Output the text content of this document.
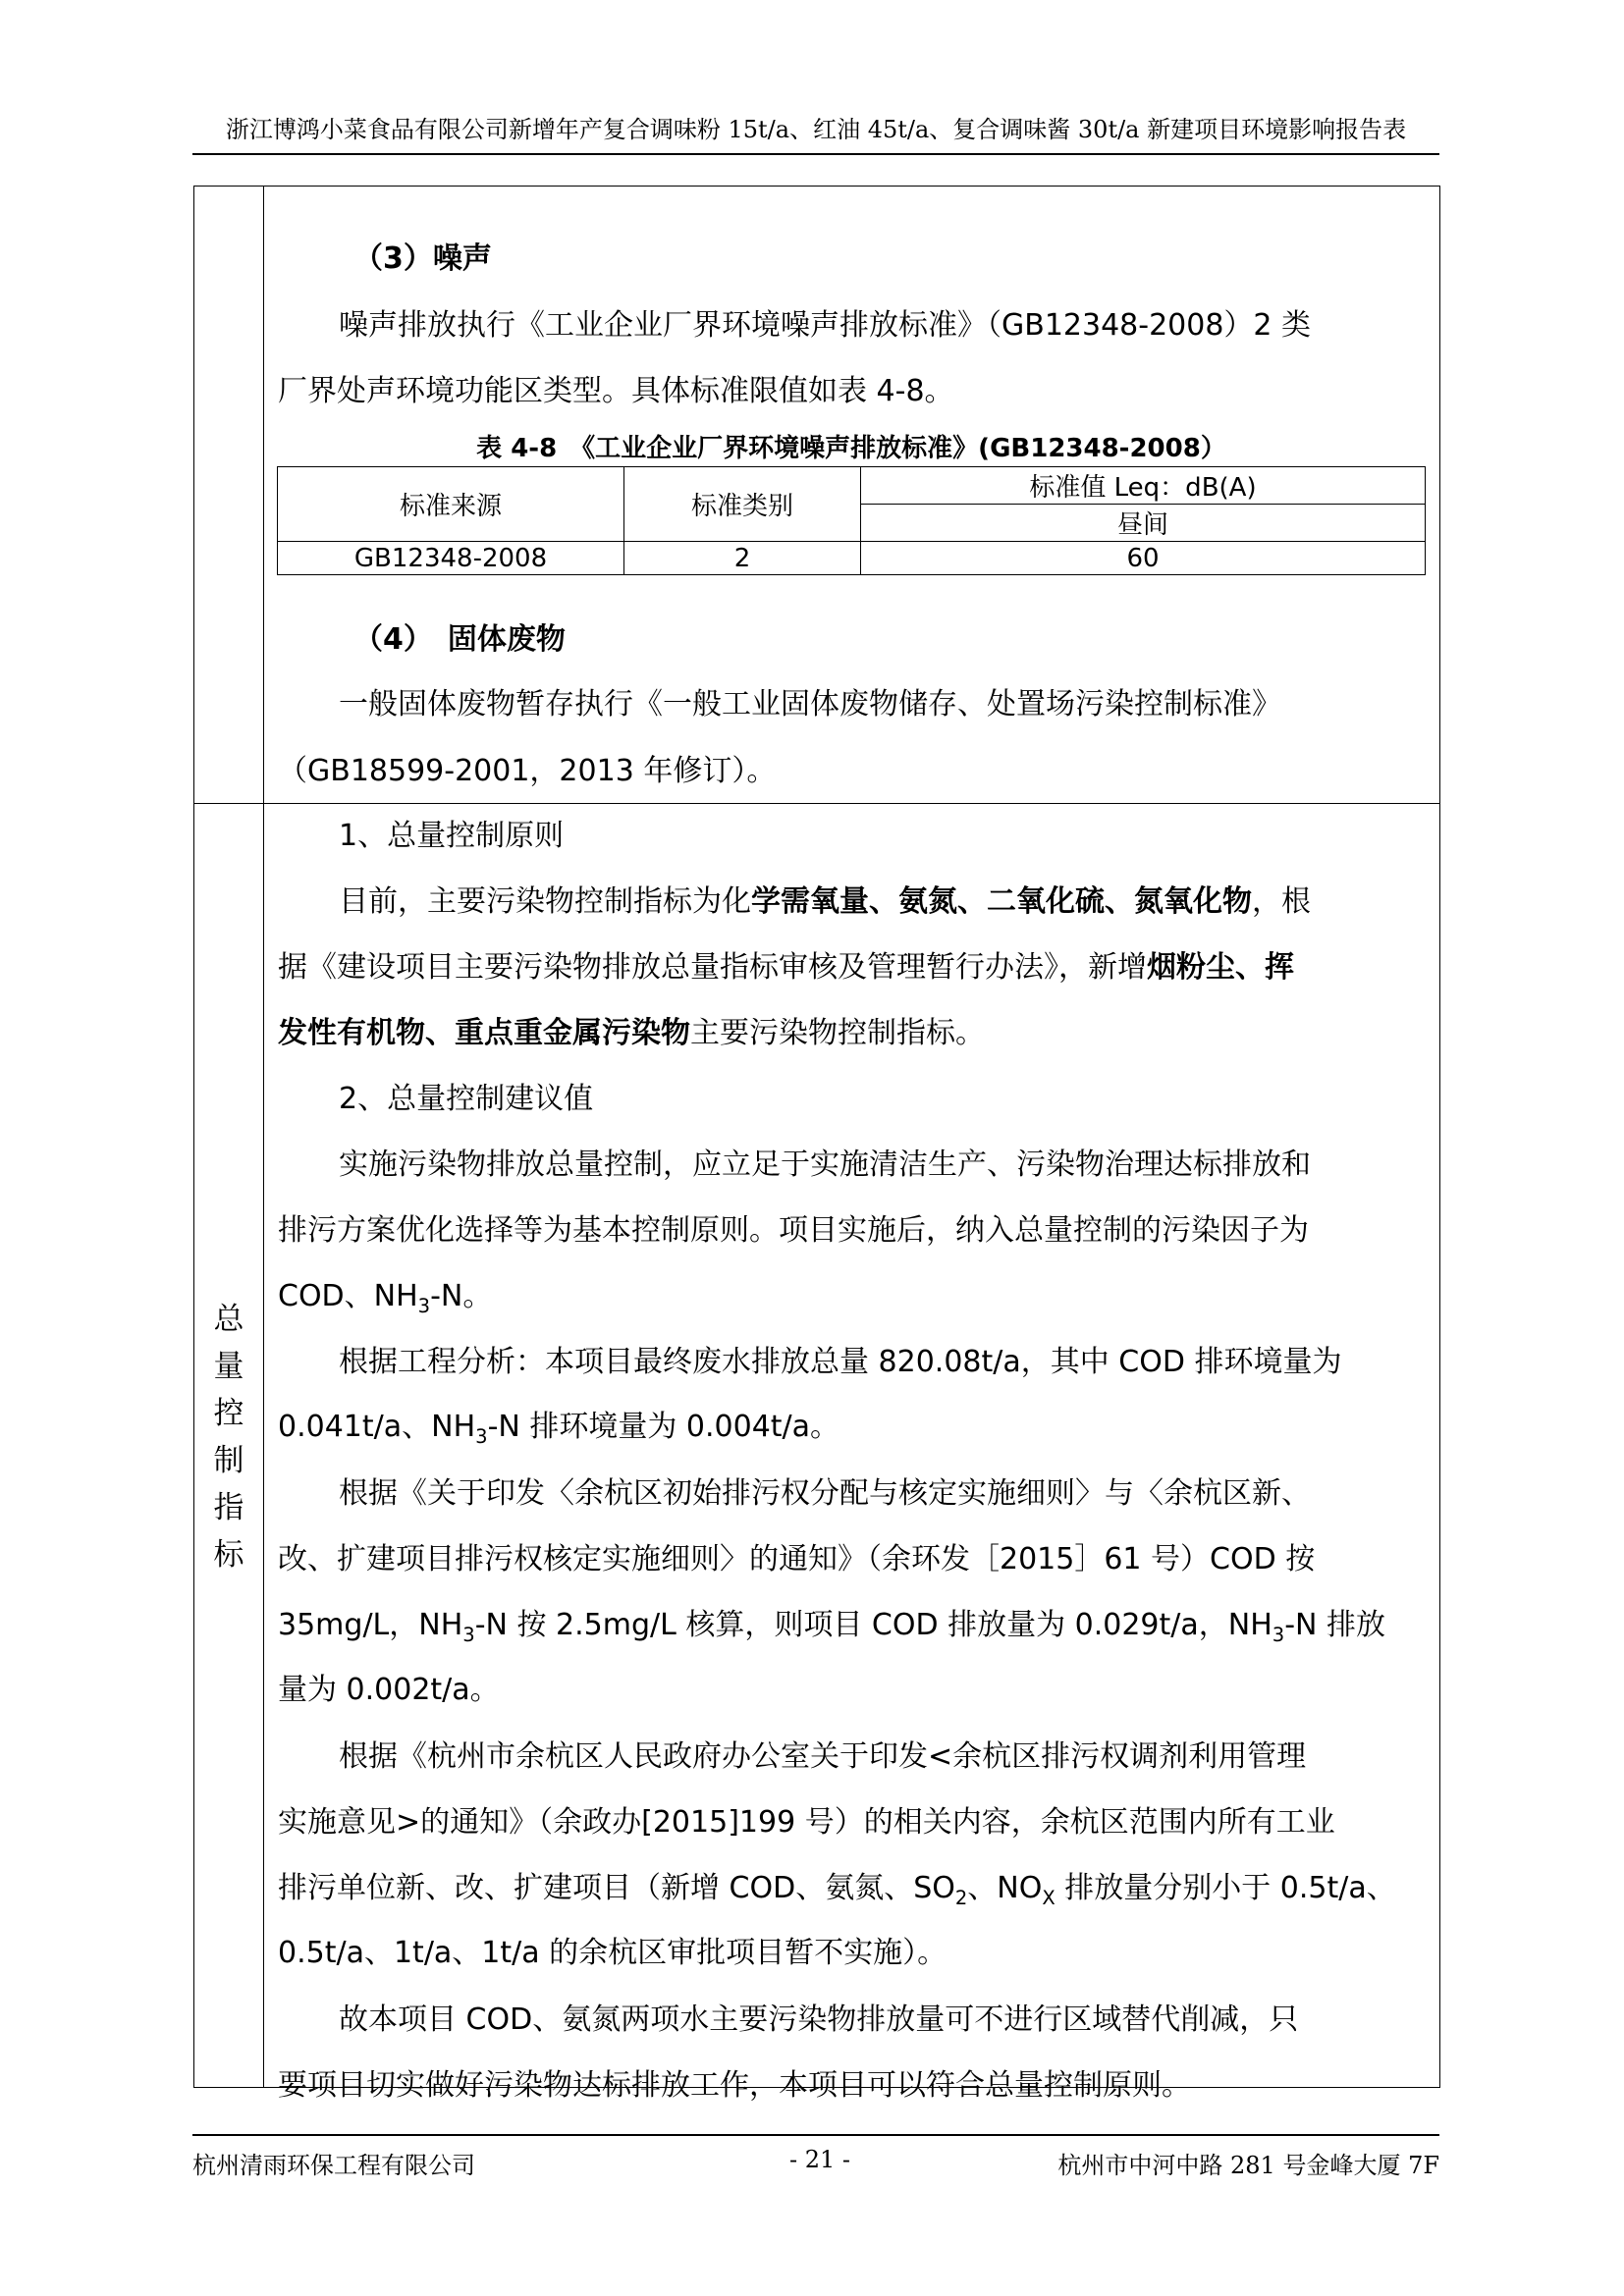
浙江博鸿小菜食品有限公司新增年产复合调味粉 15t/a、红油 45t/a、复合调味酱 30t/a 新建项目环境影响报告表
（3）噪声
噪声排放执行《工业企业厂界环境噪声排放标准》（GB12348-2008）2 类
厂界处声环境功能区类型。具体标准限值如表 4-8。
表 4-8　《工业企业厂界环境噪声排放标准》(GB12348-2008）
标准来源	标准类别	标准值 Leq：dB(A)
		昼间
GB12348-2008	2	60
（4）　固体废物
一般固体废物暂存执行《一般工业固体废物储存、处置场污染控制标准》
（GB18599-2001，2013 年修订）。
总
量
控
制
指
标
1、总量控制原则
目前，主要污染物控制指标为化学需氧量、氨氮、二氧化硫、氮氧化物，根
据《建设项目主要污染物排放总量指标审核及管理暂行办法》，新增烟粉尘、挥
发性有机物、重点重金属污染物主要污染物控制指标。
2、总量控制建议值
实施污染物排放总量控制，应立足于实施清洁生产、污染物治理达标排放和
排污方案优化选择等为基本控制原则。项目实施后，纳入总量控制的污染因子为
COD、$NH_3-N$。
根据工程分析：本项目最终废水排放总量 820.08t/a，其中 COD 排环境量为
0.041t/a、$NH_3-N$ 排环境量为 0.004t/a。
根据《关于印发〈余杭区初始排污权分配与核定实施细则〉与〈余杭区新、
改、扩建项目排污权核定实施细则〉的通知》（余环发［2015］61 号）COD 按
35mg/L，$NH_3-N$ 按 2.5mg/L 核算，则项目 COD 排放量为 0.029t/a，$NH_3-N$ 排放
量为 0.002t/a。
根据《杭州市余杭区人民政府办公室关于印发<余杭区排污权调剂利用管理
实施意见>的通知》（余政办[2015]199 号）的相关内容，余杭区范围内所有工业
排污单位新、改、扩建项目（新增 COD、氨氮、$SO_2$、$NO_X$ 排放量分别小于 0.5t/a、
0.5t/a、1t/a、1t/a 的余杭区审批项目暂不实施）。
故本项目 COD、氨氮两项水主要污染物排放量可不进行区域替代削减，只
要项目切实做好污染物达标排放工作，本项目可以符合总量控制原则。
杭州清雨环保工程有限公司	- 21 -	杭州市中河中路 281 号金峰大厦 7F
